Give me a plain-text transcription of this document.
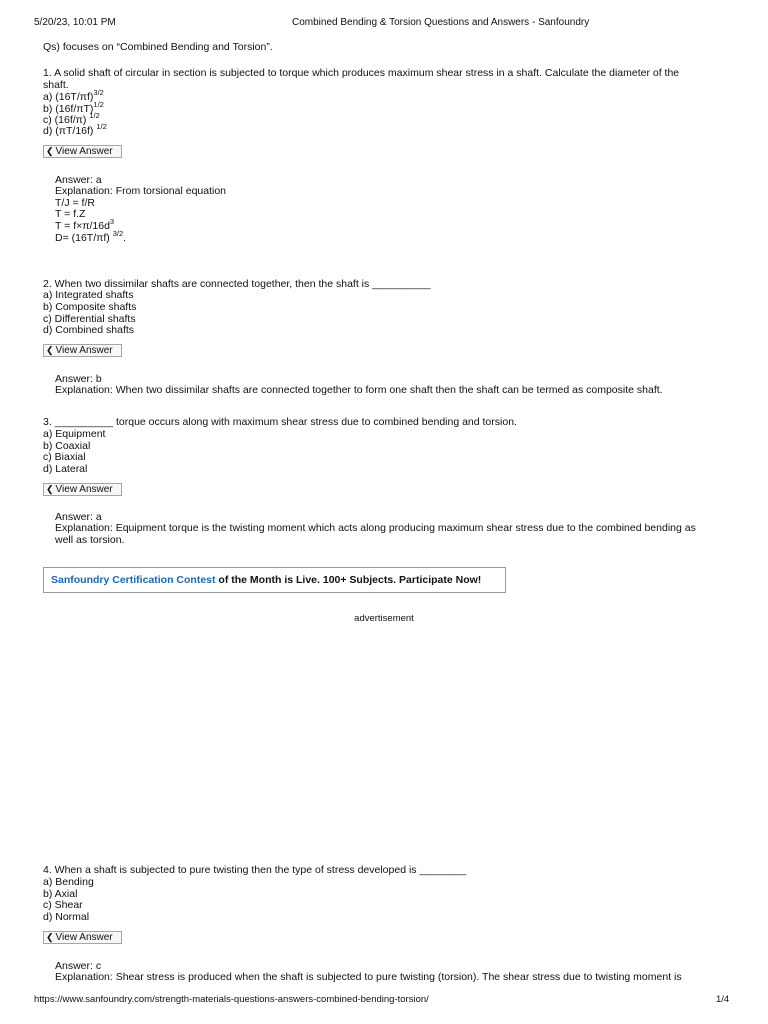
5/20/23, 10:01 PM	Combined Bending & Torsion Questions and Answers - Sanfoundry
Qs) focuses on “Combined Bending and Torsion”.
1. A solid shaft of circular in section is subjected to torque which produces maximum shear stress in a shaft. Calculate the diameter of the
shaft.
a) $(16T/\pi f)^{3/2}$
b) $(16f/\pi T)^{1/2}$
c) (16f/π) $^{1/2}$
d) (πT/16f) $^{1/2}$
❮ View Answer
Answer: a
Explanation: From torsional equation
T/J = f/R
T = f.Z
$T = f\times\pi/16d^3$
D= (16T/πf) $^{3/2}$.
2. When two dissimilar shafts are connected together, then the shaft is __________
a) Integrated shafts
b) Composite shafts
c) Differential shafts
d) Combined shafts
❮ View Answer
Answer: b
Explanation: When two dissimilar shafts are connected together to form one shaft then the shaft can be termed as composite shaft.
3. __________ torque occurs along with maximum shear stress due to combined bending and torsion.
a) Equipment
b) Coaxial
c) Biaxial
d) Lateral
❮ View Answer
Answer: a
Explanation: Equipment torque is the twisting moment which acts along producing maximum shear stress due to the combined bending as
well as torsion.
Sanfoundry Certification Contest of the Month is Live. 100+ Subjects. Participate Now!
advertisement
4. When a shaft is subjected to pure twisting then the type of stress developed is ________
a) Bending
b) Axial
c) Shear
d) Normal
❮ View Answer
Answer: c
Explanation: Shear stress is produced when the shaft is subjected to pure twisting (torsion). The shear stress due to twisting moment is
https://www.sanfoundry.com/strength-materials-questions-answers-combined-bending-torsion/	1/4
